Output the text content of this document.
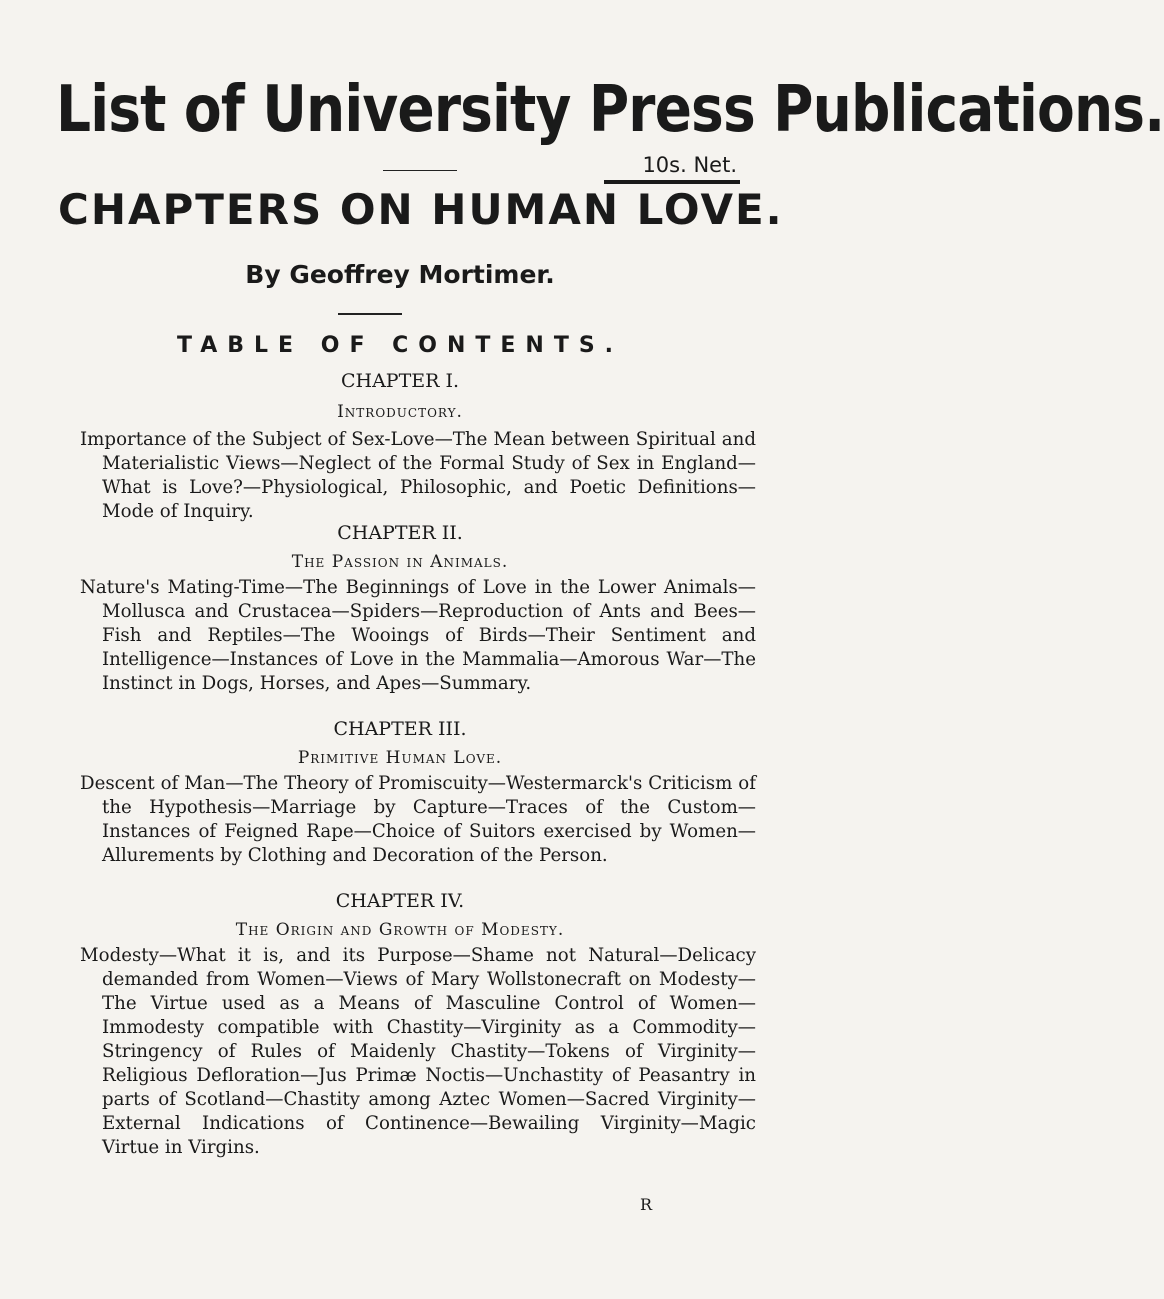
List of University Press Publications.
10s. Net.
CHAPTERS ON HUMAN LOVE.
By Geoffrey Mortimer.
TABLE OF CONTENTS.
CHAPTER I.
Introductory.
Importance of the Subject of Sex-Love—The Mean between Spiritual and Materialistic Views—Neglect of the Formal Study of Sex in England—What is Love?—Physiological, Philosophic, and Poetic Definitions—Mode of Inquiry.
CHAPTER II.
The Passion in Animals.
Nature's Mating-Time—The Beginnings of Love in the Lower Animals—Mollusca and Crustacea—Spiders—Reproduction of Ants and Bees—Fish and Reptiles—The Wooings of Birds—Their Sentiment and Intelligence—Instances of Love in the Mammalia—Amorous War—The Instinct in Dogs, Horses, and Apes—Summary.
CHAPTER III.
Primitive Human Love.
Descent of Man—The Theory of Promiscuity—Westermarck's Criticism of the Hypothesis—Marriage by Capture—Traces of the Custom—Instances of Feigned Rape—Choice of Suitors exercised by Women—Allurements by Clothing and Decoration of the Person.
CHAPTER IV.
The Origin and Growth of Modesty.
Modesty—What it is, and its Purpose—Shame not Natural—Delicacy demanded from Women—Views of Mary Wollstonecraft on Modesty—The Virtue used as a Means of Masculine Control of Women—Immodesty compatible with Chastity—Virginity as a Commodity—Stringency of Rules of Maidenly Chastity—Tokens of Virginity—Religious Defloration—Jus Primæ Noctis—Unchastity of Peasantry in parts of Scotland—Chastity among Aztec Women—Sacred Virginity—External Indications of Continence—Bewailing Virginity—Magic Virtue in Virgins.
R
